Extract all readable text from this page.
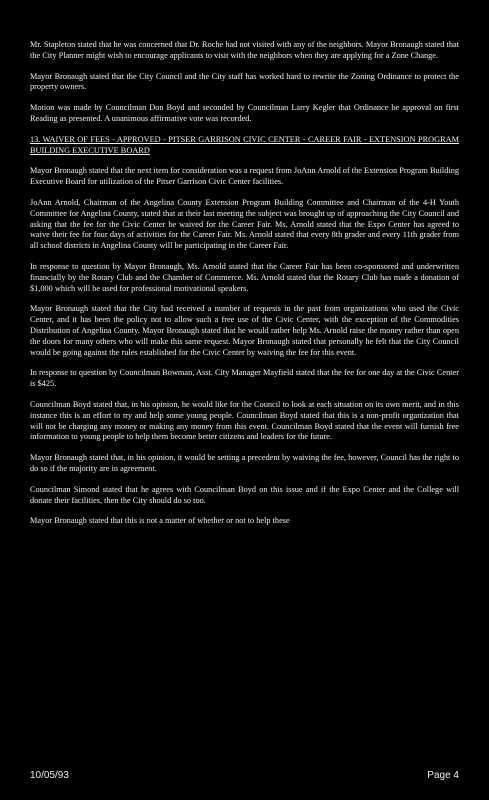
Mr. Stapleton stated that he was concerned that Dr. Roche had not visited with any of the neighbors. Mayor Bronaugh stated that the City Planner might wish to encourage applicants to visit with the neighbors when they are applying for a Zone Change.

Mayor Bronaugh stated that the City Council and the City staff has worked hard to rewrite the Zoning Ordinance to protect the property owners.

Motion was made by Councilman Don Boyd and seconded by Councilman Larry Kegler that Ordinance be approval on first Reading as presented. A unanimous affirmative vote was recorded.

13. WAIVER OF FEES - APPROVED - PITSER GARRISON CIVIC CENTER - CAREER FAIR - EXTENSION PROGRAM BUILDING EXECUTIVE BOARD

Mayor Bronaugh stated that the next item for consideration was a request from JoAnn Arnold of the Extension Program Building Executive Board for utilization of the Pitser Garrison Civic Center facilities.

JoAnn Arnold, Chairman of the Angelina County Extension Program Building Committee and Chairman of the 4-H Youth Committee for Angelina County, stated that at their last meeting the subject was brought up of approaching the City Council and asking that the fee for the Civic Center be waived for the Career Fair. Ms. Arnold stated that the Expo Center has agreed to waive their fee for four days of activities for the Career Fair. Ms. Arnold stated that every 8th grader and every 11th grader from all school districts in Angelina County will be participating in the Career Fair.

In response to question by Mayor Bronaugh, Ms. Arnold stated that the Career Fair has been co-sponsored and underwritten financially by the Rotary Club and the Chamber of Commerce. Ms. Arnold stated that the Rotary Club has made a donation of $1,000 which will be used for professional motivational speakers.

Mayor Bronaugh stated that the City had received a number of requests in the past from organizations who used the Civic Center, and it has been the policy not to allow such a free use of the Civic Center, with the exception of the Commodities Distribution of Angelina County. Mayor Bronaugh stated that he would rather help Ms. Arnold raise the money rather than open the doors for many others who will make this same request. Mayor Bronaugh stated that personally he felt that the City Council would be going against the rules established for the Civic Center by waiving the fee for this event.

In response to question by Councilman Bowman, Asst. City Manager Mayfield stated that the fee for one day at the Civic Center is $425.

Councilman Boyd stated that, in his opinion, he would like for the Council to look at each situation on its own merit, and in this instance this is an effort to try and help some young people. Councilman Boyd stated that this is a non-profit organization that will not be charging any money or making any money from this event. Councilman Boyd stated that the event will furnish free information to young people to help them become better citizens and leaders for the future.

Mayor Bronaugh stated that, in his opinion, it would be setting a precedent by waiving the fee, however, Council has the right to do so if the majority are in agreement.

Councilman Simond stated that he agrees with Councilman Boyd on this issue and if the Expo Center and the College will donate their facilities, then the City should do so too.

Mayor Bronaugh stated that this is not a matter of whether or not to help these

10/05/93	Page 4
